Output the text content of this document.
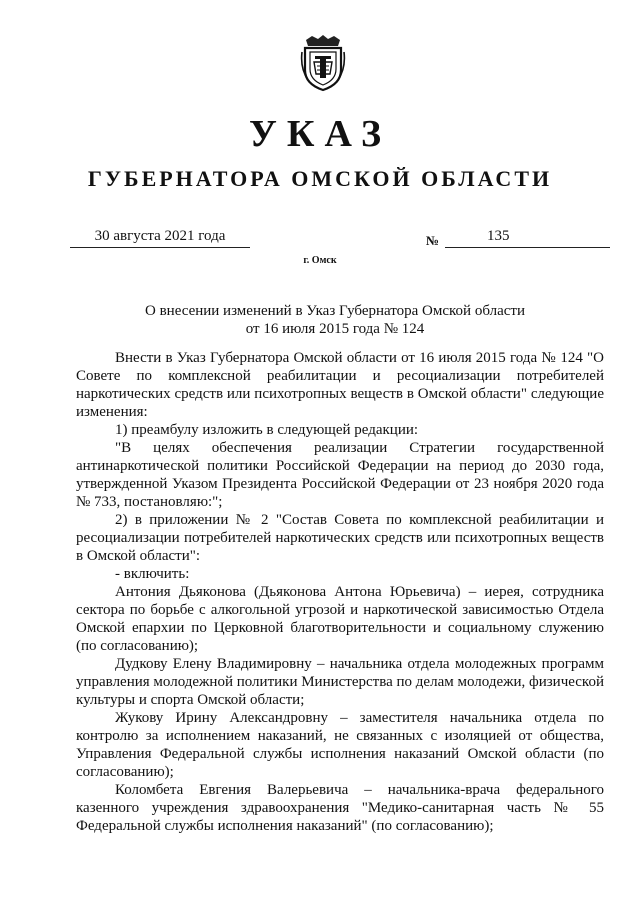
УКАЗ
ГУБЕРНАТОРА ОМСКОЙ ОБЛАСТИ
30 августа 2021 года	№	135
г. Омск
О внесении изменений в Указ Губернатора Омской области
от 16 июля 2015 года № 124

Внести в Указ Губернатора Омской области от 16 июля 2015 года № 124 "О Совете по комплексной реабилитации и ресоциализации потребителей наркотических средств или психотропных веществ в Омской области" следующие изменения:

1) преамбулу изложить в следующей редакции:

"В целях обеспечения реализации Стратегии государственной антинаркотической политики Российской Федерации на период до 2030 года, утвержденной Указом Президента Российской Федерации от 23 ноября 2020 года № 733, постановляю:";

2) в приложении № 2 "Состав Совета по комплексной реабилитации и ресоциализации потребителей наркотических средств или психотропных веществ в Омской области":

- включить:

Антония Дьяконова (Дьяконова Антона Юрьевича) – иерея, сотрудника сектора по борьбе с алкогольной угрозой и наркотической зависимостью Отдела Омской епархии по Церковной благотворительности и социальному служению (по согласованию);

Дудкову Елену Владимировну – начальника отдела молодежных программ управления молодежной политики Министерства по делам молодежи, физической культуры и спорта Омской области;

Жукову Ирину Александровну – заместителя начальника отдела по контролю за исполнением наказаний, не связанных с изоляцией от общества, Управления Федеральной службы исполнения наказаний Омской области (по согласованию);

Коломбета Евгения Валерьевича – начальника-врача федерального казенного учреждения здравоохранения "Медико-санитарная часть № 55 Федеральной службы исполнения наказаний" (по согласованию);
